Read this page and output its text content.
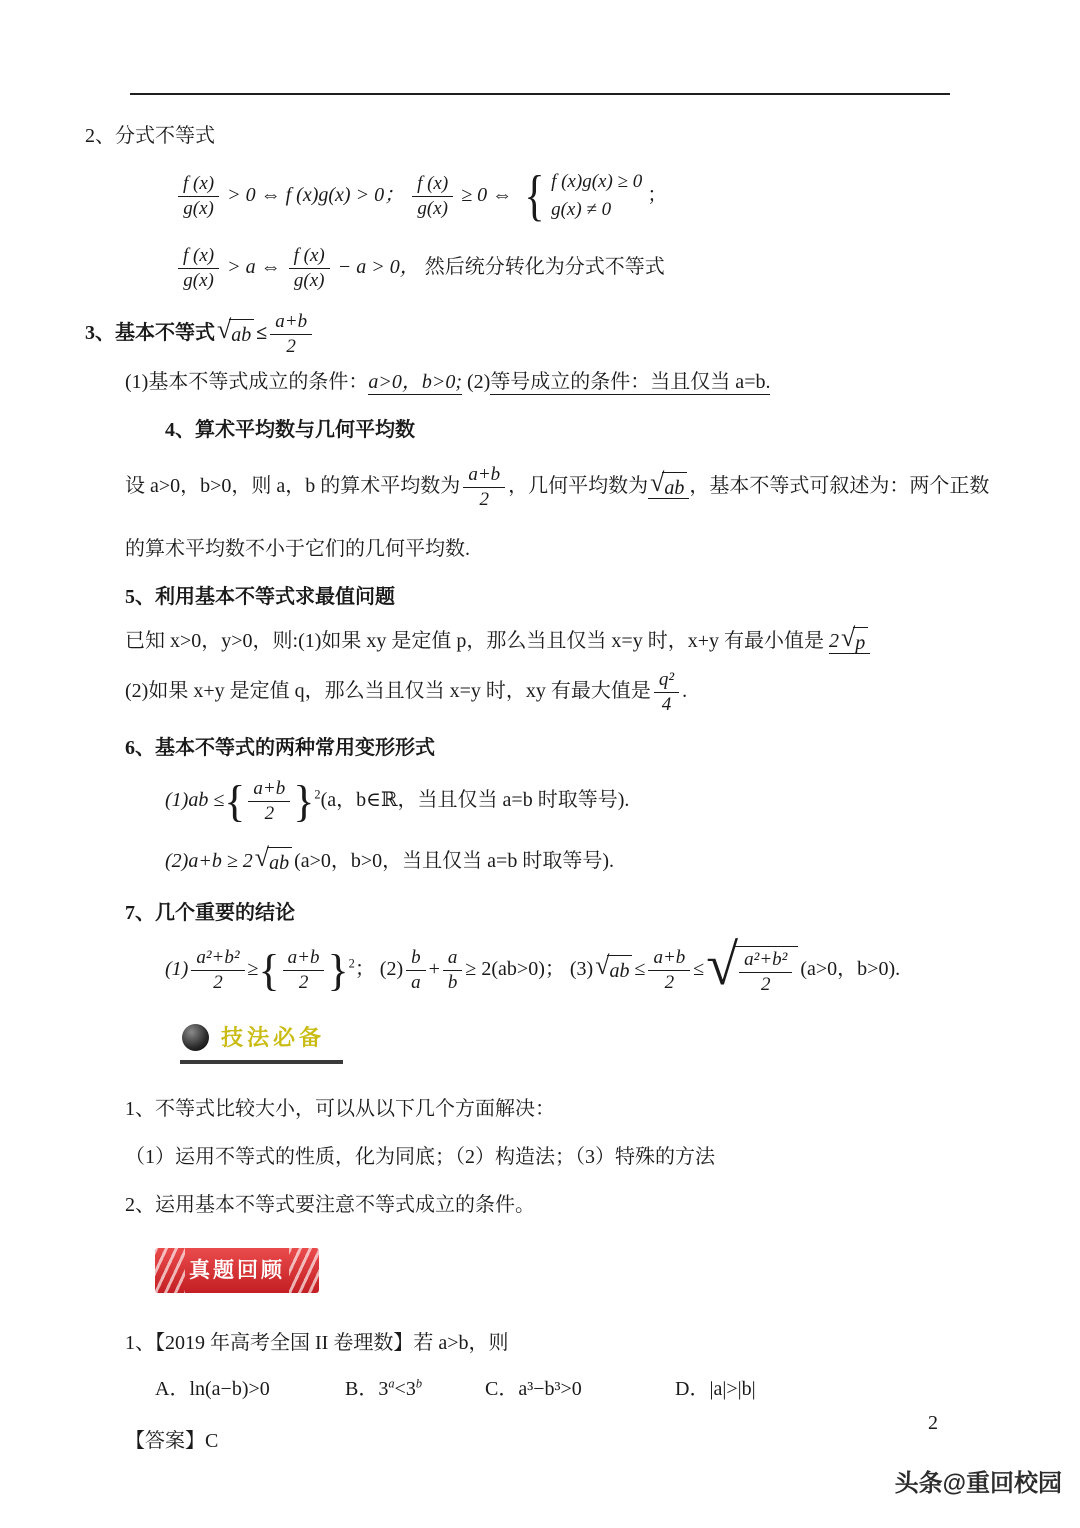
2、分式不等式

$\frac{f (x)}{g(x)} > 0$ ⇔ f (x)g(x) > 0； $\frac{f (x)}{g(x)} \ge 0$ ⇔ { f (x)g(x) ≥ 0
g(x) ≠ 0
；
$\frac{f (x)}{g(x)} > a$ ⇔ $\frac{f (x)}{g(x)} - a > 0$， 然后统分转化为分式不等式

3、基本不等式 √ ab ≤ $\frac{a+b}{2}$

(1)基本不等式成立的条件：a>0，b>0; (2)等号成立的条件：当且仅当 a=b.

4、算术平均数与几何平均数

设 a>0，b>0，则 a，b 的算术平均数为 $\frac{a+b}{2}$ ，几何平均数为 √ ab ，基本不等式可叙述为：两个正数

的算术平均数不小于它们的几何平均数.

5、利用基本不等式求最值问题

已知 x>0，y>0，则:(1)如果 xy 是定值 p，那么当且仅当 x=y 时，x+y 有最小值是 2 √ p

(2)如果 x+y 是定值 q，那么当且仅当 x=y 时，xy 有最大值是 $\frac{\text{q²}}{4}$ .

6、基本不等式的两种常用变形形式

(1)ab ≤{ $\frac{a+b}{2} \}^2(a$，b∈ℝ，当且仅当 a=b 时取等号).

(2)a+b ≥ 2 √ ab (a>0，b>0，当且仅当 a=b 时取等号).

7、几个重要的结论

$(1) \frac{\text{a²+b²}}{2}$ ≥{ $\frac{a+b}{2} \}^2$； $(2) \frac{b}{a} + \frac{a}{b} \ge 2(ab>0)$； (3) √ ab ≤ $\frac{a+b}{2}$ ≤ √ $\frac{\text{a²+b²}}{2} (a>0$，b>0).

技法必备

1、不等式比较大小，可以从以下几个方面解决：

（1）运用不等式的性质，化为同底；（2）构造法；（3）特殊的方法

2、运用基本不等式要注意不等式成立的条件。

真题回顾

1、【2019 年高考全国 II 卷理数】若 a>b，则

A．ln(a−b)>0	B．$3^a<3^b$	C．a³−b³>0	D．|a|>|b|

【答案】C

2
头条@重回校园
